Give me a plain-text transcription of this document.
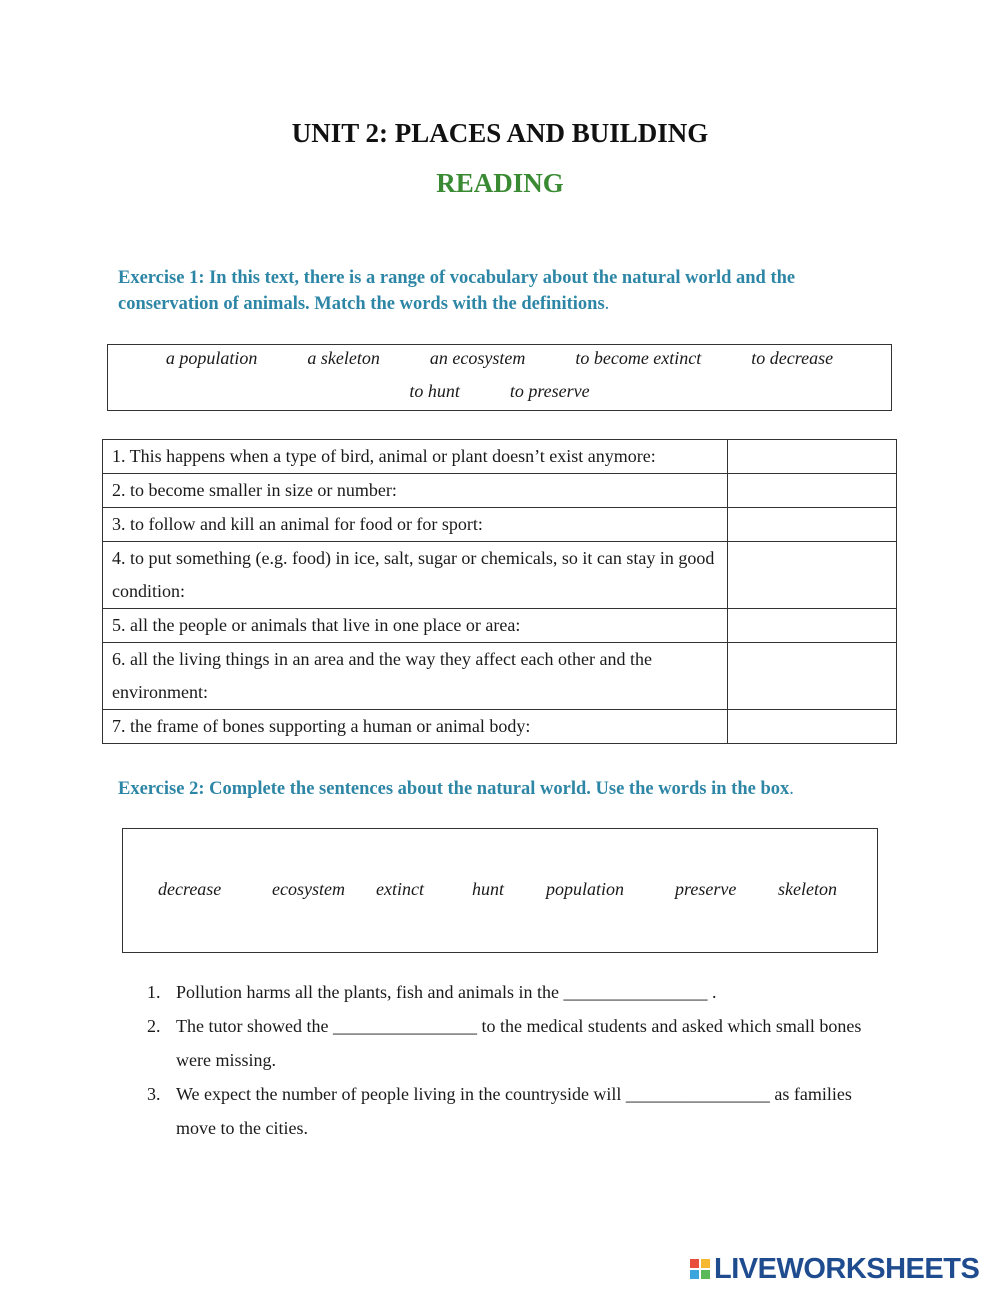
UNIT 2: PLACES AND BUILDING
READING
Exercise 1: In this text, there is a range of vocabulary about the natural world and the conservation of animals. Match the words with the definitions.
a population	a skeleton	an ecosystem	to become extinct	to decrease
to hunt	to preserve
1. This happens when a type of bird, animal or plant doesn’t exist anymore:	
2. to become smaller in size or number:	
3. to follow and kill an animal for food or for sport:	
4. to put something (e.g. food) in ice, salt, sugar or chemicals, so it can stay in good condition:	
5. all the people or animals that live in one place or area:	
6. all the living things in an area and the way they affect each other and the environment:	
7. the frame of bones supporting a human or animal body:	
Exercise 2: Complete the sentences about the natural world. Use the words in the box.
decrease	ecosystem extinct	hunt population	preserve skeleton
1. Pollution harms all the plants, fish and animals in the ________________ .
2. The tutor showed the ________________ to the medical students and asked which small bones were missing.
3. We expect the number of people living in the countryside will ________________ as families move to the cities.
LIVEWORKSHEETS
